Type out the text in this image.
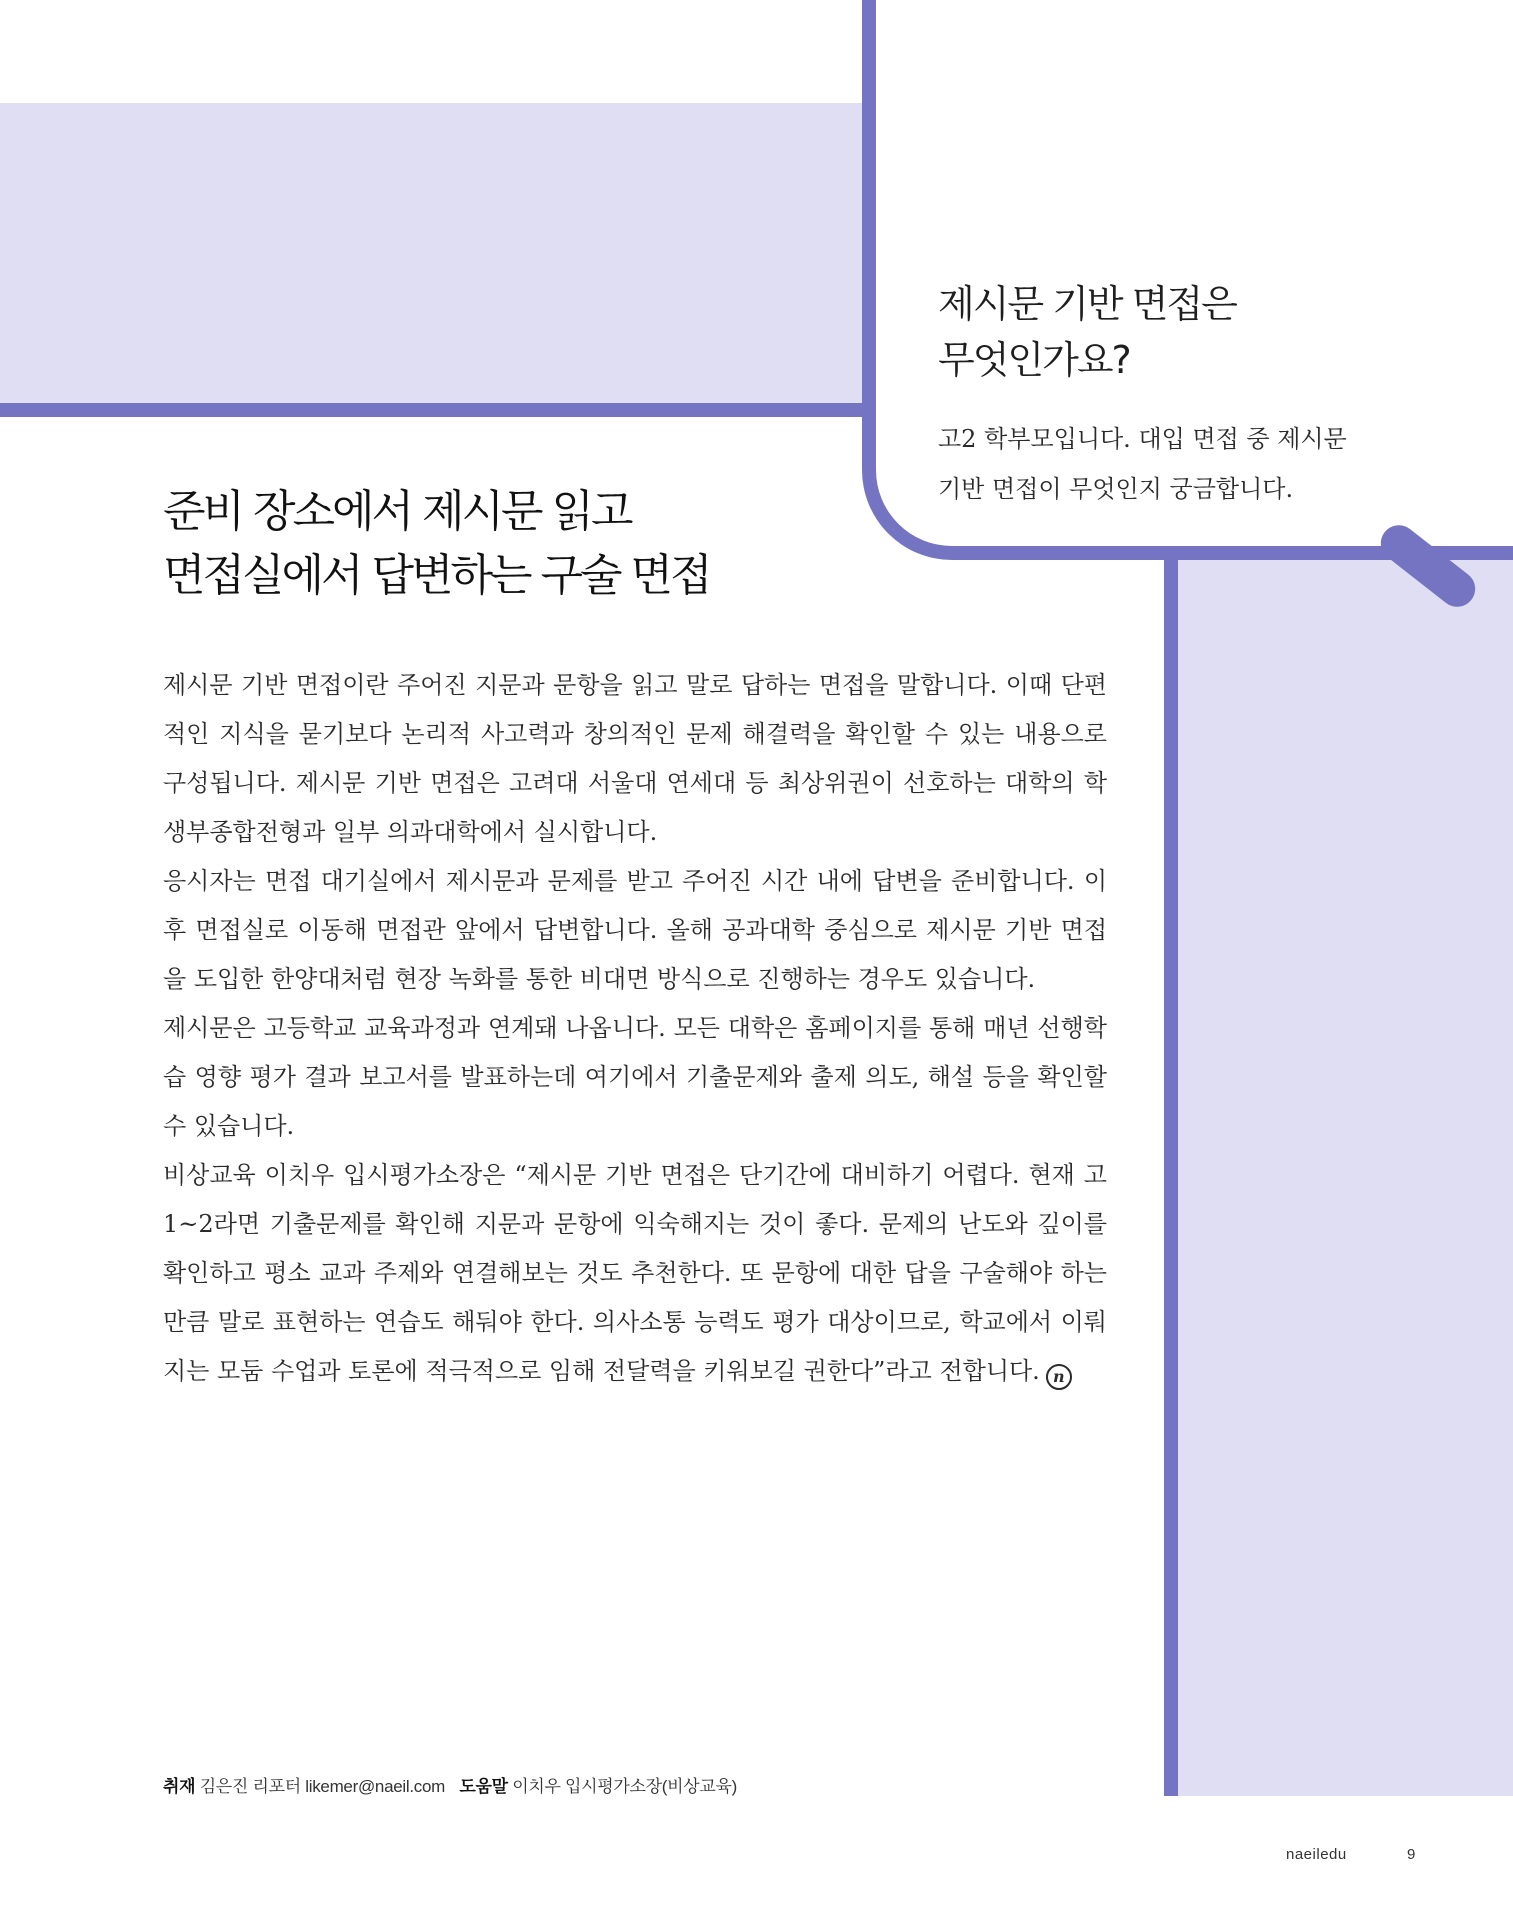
제시문 기반 면접은
무엇인가요?

고2 학부모입니다. 대입 면접 중 제시문
기반 면접이 무엇인지 궁금합니다.

준비 장소에서 제시문 읽고
면접실에서 답변하는 구술 면접

제시문 기반 면접이란 주어진 지문과 문항을 읽고 말로 답하는 면접을 말합니다. 이때 단편적인 지식을 묻기보다 논리적 사고력과 창의적인 문제 해결력을 확인할 수 있는 내용으로 구성됩니다. 제시문 기반 면접은 고려대 서울대 연세대 등 최상위권이 선호하는 대학의 학생부종합전형과 일부 의과대학에서 실시합니다.

응시자는 면접 대기실에서 제시문과 문제를 받고 주어진 시간 내에 답변을 준비합니다. 이후 면접실로 이동해 면접관 앞에서 답변합니다. 올해 공과대학 중심으로 제시문 기반 면접을 도입한 한양대처럼 현장 녹화를 통한 비대면 방식으로 진행하는 경우도 있습니다.

제시문은 고등학교 교육과정과 연계돼 나옵니다. 모든 대학은 홈페이지를 통해 매년 선행학습 영향 평가 결과 보고서를 발표하는데 여기에서 기출문제와 출제 의도, 해설 등을 확인할 수 있습니다.

비상교육 이치우 입시평가소장은 “제시문 기반 면접은 단기간에 대비하기 어렵다. 현재 고1~2라면 기출문제를 확인해 지문과 문항에 익숙해지는 것이 좋다. 문제의 난도와 깊이를 확인하고 평소 교과 주제와 연결해보는 것도 추천한다. 또 문항에 대한 답을 구술해야 하는 만큼 말로 표현하는 연습도 해둬야 한다. 의사소통 능력도 평가 대상이므로, 학교에서 이뤄지는 모둠 수업과 토론에 적극적으로 임해 전달력을 키워보길 권한다”라고 전합니다. n

취재 김은진 리포터 likemer@naeil.com 도움말 이치우 입시평가소장(비상교육)
naeiledu	9
